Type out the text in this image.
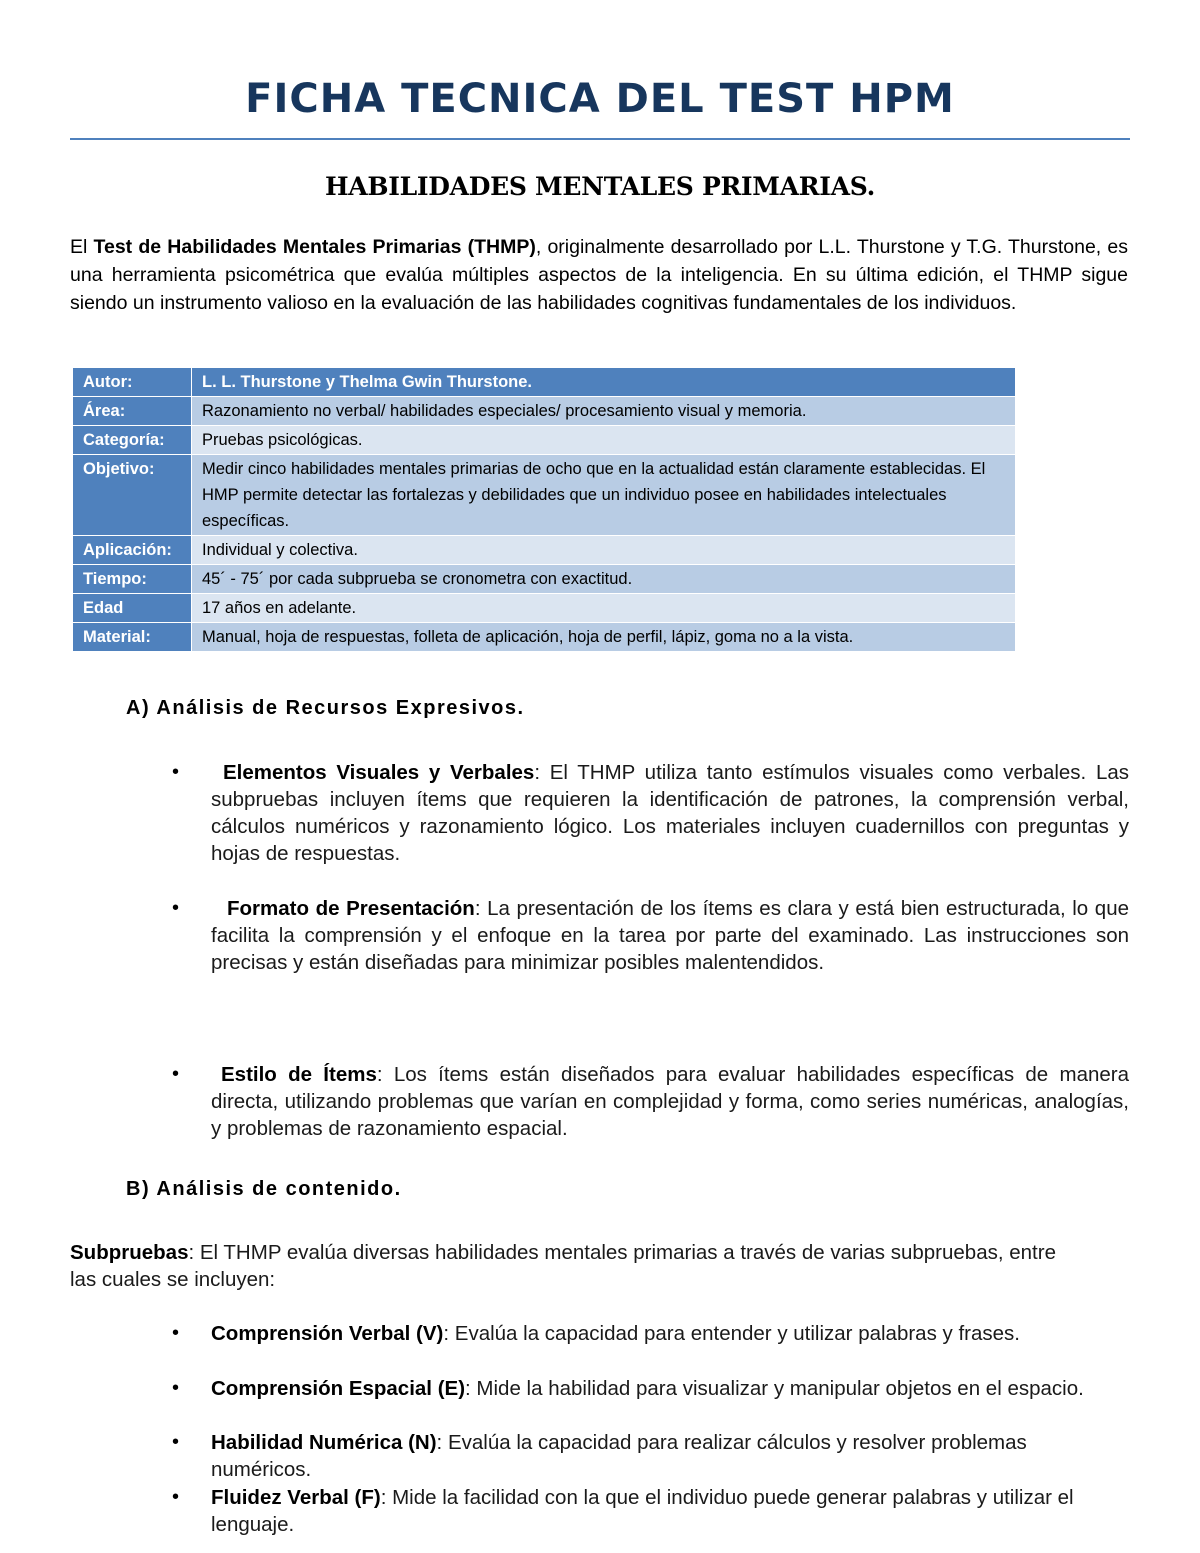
FICHA TECNICA DEL TEST HPM
HABILIDADES MENTALES PRIMARIAS.

El Test de Habilidades Mentales Primarias (THMP), originalmente desarrollado por L.L. Thurstone y T.G. Thurstone, es una herramienta psicométrica que evalúa múltiples aspectos de la inteligencia. En su última edición, el THMP sigue siendo un instrumento valioso en la evaluación de las habilidades cognitivas fundamentales de los individuos.

Autor:	L. L. Thurstone y Thelma Gwin Thurstone.
Área:	Razonamiento no verbal/ habilidades especiales/ procesamiento visual y memoria.
Categoría:	Pruebas psicológicas.
Objetivo:	Medir cinco habilidades mentales primarias de ocho que en la actualidad están claramente establecidas. El HMP permite detectar las fortalezas y debilidades que un individuo posee en habilidades intelectuales específicas.
Aplicación:	Individual y colectiva.
Tiempo:	45´ - 75´ por cada subprueba se cronometra con exactitud.
Edad	17 años en adelante.
Material:	Manual, hoja de respuestas, folleta de aplicación, hoja de perfil, lápiz, goma no a la vista.
A) Análisis de Recursos Expresivos.
•	Elementos Visuales y Verbales: El THMP utiliza tanto estímulos visuales como verbales. Las subpruebas incluyen ítems que requieren la identificación de patrones, la comprensión verbal, cálculos numéricos y razonamiento lógico. Los materiales incluyen cuadernillos con preguntas y hojas de respuestas.
•	Formato de Presentación: La presentación de los ítems es clara y está bien estructurada, lo que facilita la comprensión y el enfoque en la tarea por parte del examinado. Las instrucciones son precisas y están diseñadas para minimizar posibles malentendidos.
•	Estilo de Ítems: Los ítems están diseñados para evaluar habilidades específicas de manera directa, utilizando problemas que varían en complejidad y forma, como series numéricas, analogías, y problemas de razonamiento espacial.
B) Análisis de contenido.

Subpruebas: El THMP evalúa diversas habilidades mentales primarias a través de varias subpruebas, entre las cuales se incluyen:

• Comprensión Verbal (V): Evalúa la capacidad para entender y utilizar palabras y frases.
• Comprensión Espacial (E): Mide la habilidad para visualizar y manipular objetos en el espacio.
• Habilidad Numérica (N): Evalúa la capacidad para realizar cálculos y resolver problemas numéricos.
• Fluidez Verbal (F): Mide la facilidad con la que el individuo puede generar palabras y utilizar el lenguaje.
